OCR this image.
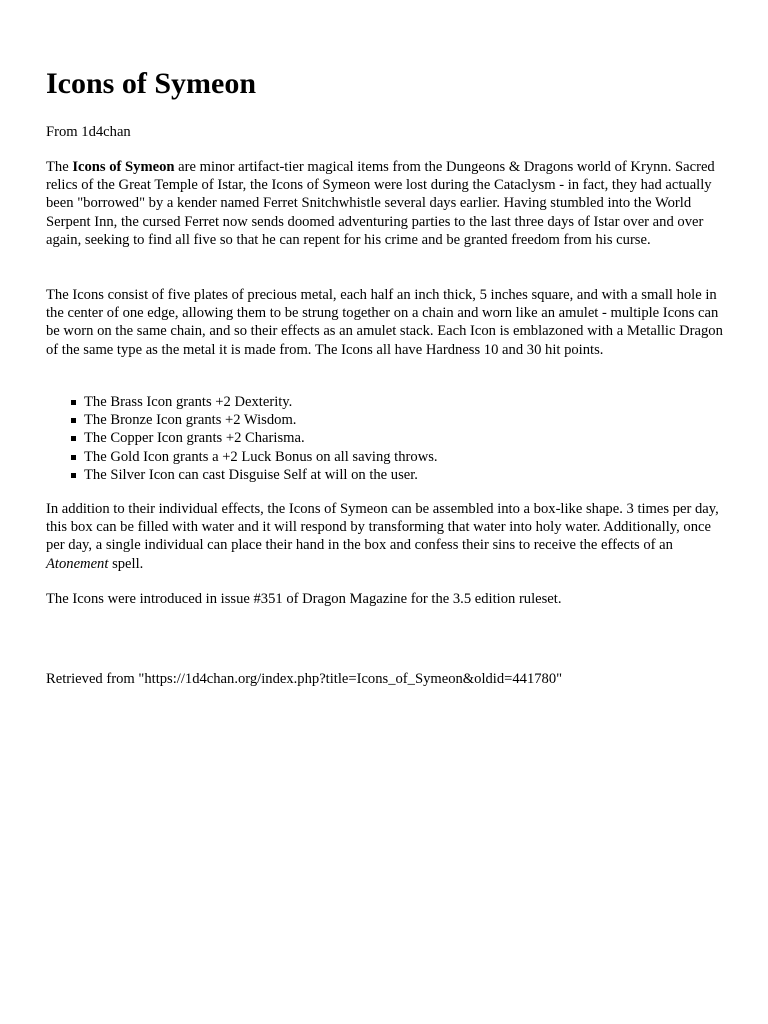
Icons of Symeon

From 1d4chan

The Icons of Symeon are minor artifact-tier magical items from the Dungeons & Dragons world of Krynn. Sacred relics of the Great Temple of Istar, the Icons of Symeon were lost during the Cataclysm - in fact, they had actually been "borrowed" by a kender named Ferret Snitchwhistle several days earlier. Having stumbled into the World Serpent Inn, the cursed Ferret now sends doomed adventuring parties to the last three days of Istar over and over again, seeking to find all five so that he can repent for his crime and be granted freedom from his curse.

The Icons consist of five plates of precious metal, each half an inch thick, 5 inches square, and with a small hole in the center of one edge, allowing them to be strung together on a chain and worn like an amulet - multiple Icons can be worn on the same chain, and so their effects as an amulet stack. Each Icon is emblazoned with a Metallic Dragon of the same type as the metal it is made from. The Icons all have Hardness 10 and 30 hit points.

The Brass Icon grants +2 Dexterity.
The Bronze Icon grants +2 Wisdom.
The Copper Icon grants +2 Charisma.
The Gold Icon grants a +2 Luck Bonus on all saving throws.
The Silver Icon can cast Disguise Self at will on the user.

In addition to their individual effects, the Icons of Symeon can be assembled into a box-like shape. 3 times per day, this box can be filled with water and it will respond by transforming that water into holy water. Additionally, once per day, a single individual can place their hand in the box and confess their sins to receive the effects of an Atonement spell.

The Icons were introduced in issue #351 of Dragon Magazine for the 3.5 edition ruleset.

Retrieved from "https://1d4chan.org/index.php?title=Icons_of_Symeon&oldid=441780"
